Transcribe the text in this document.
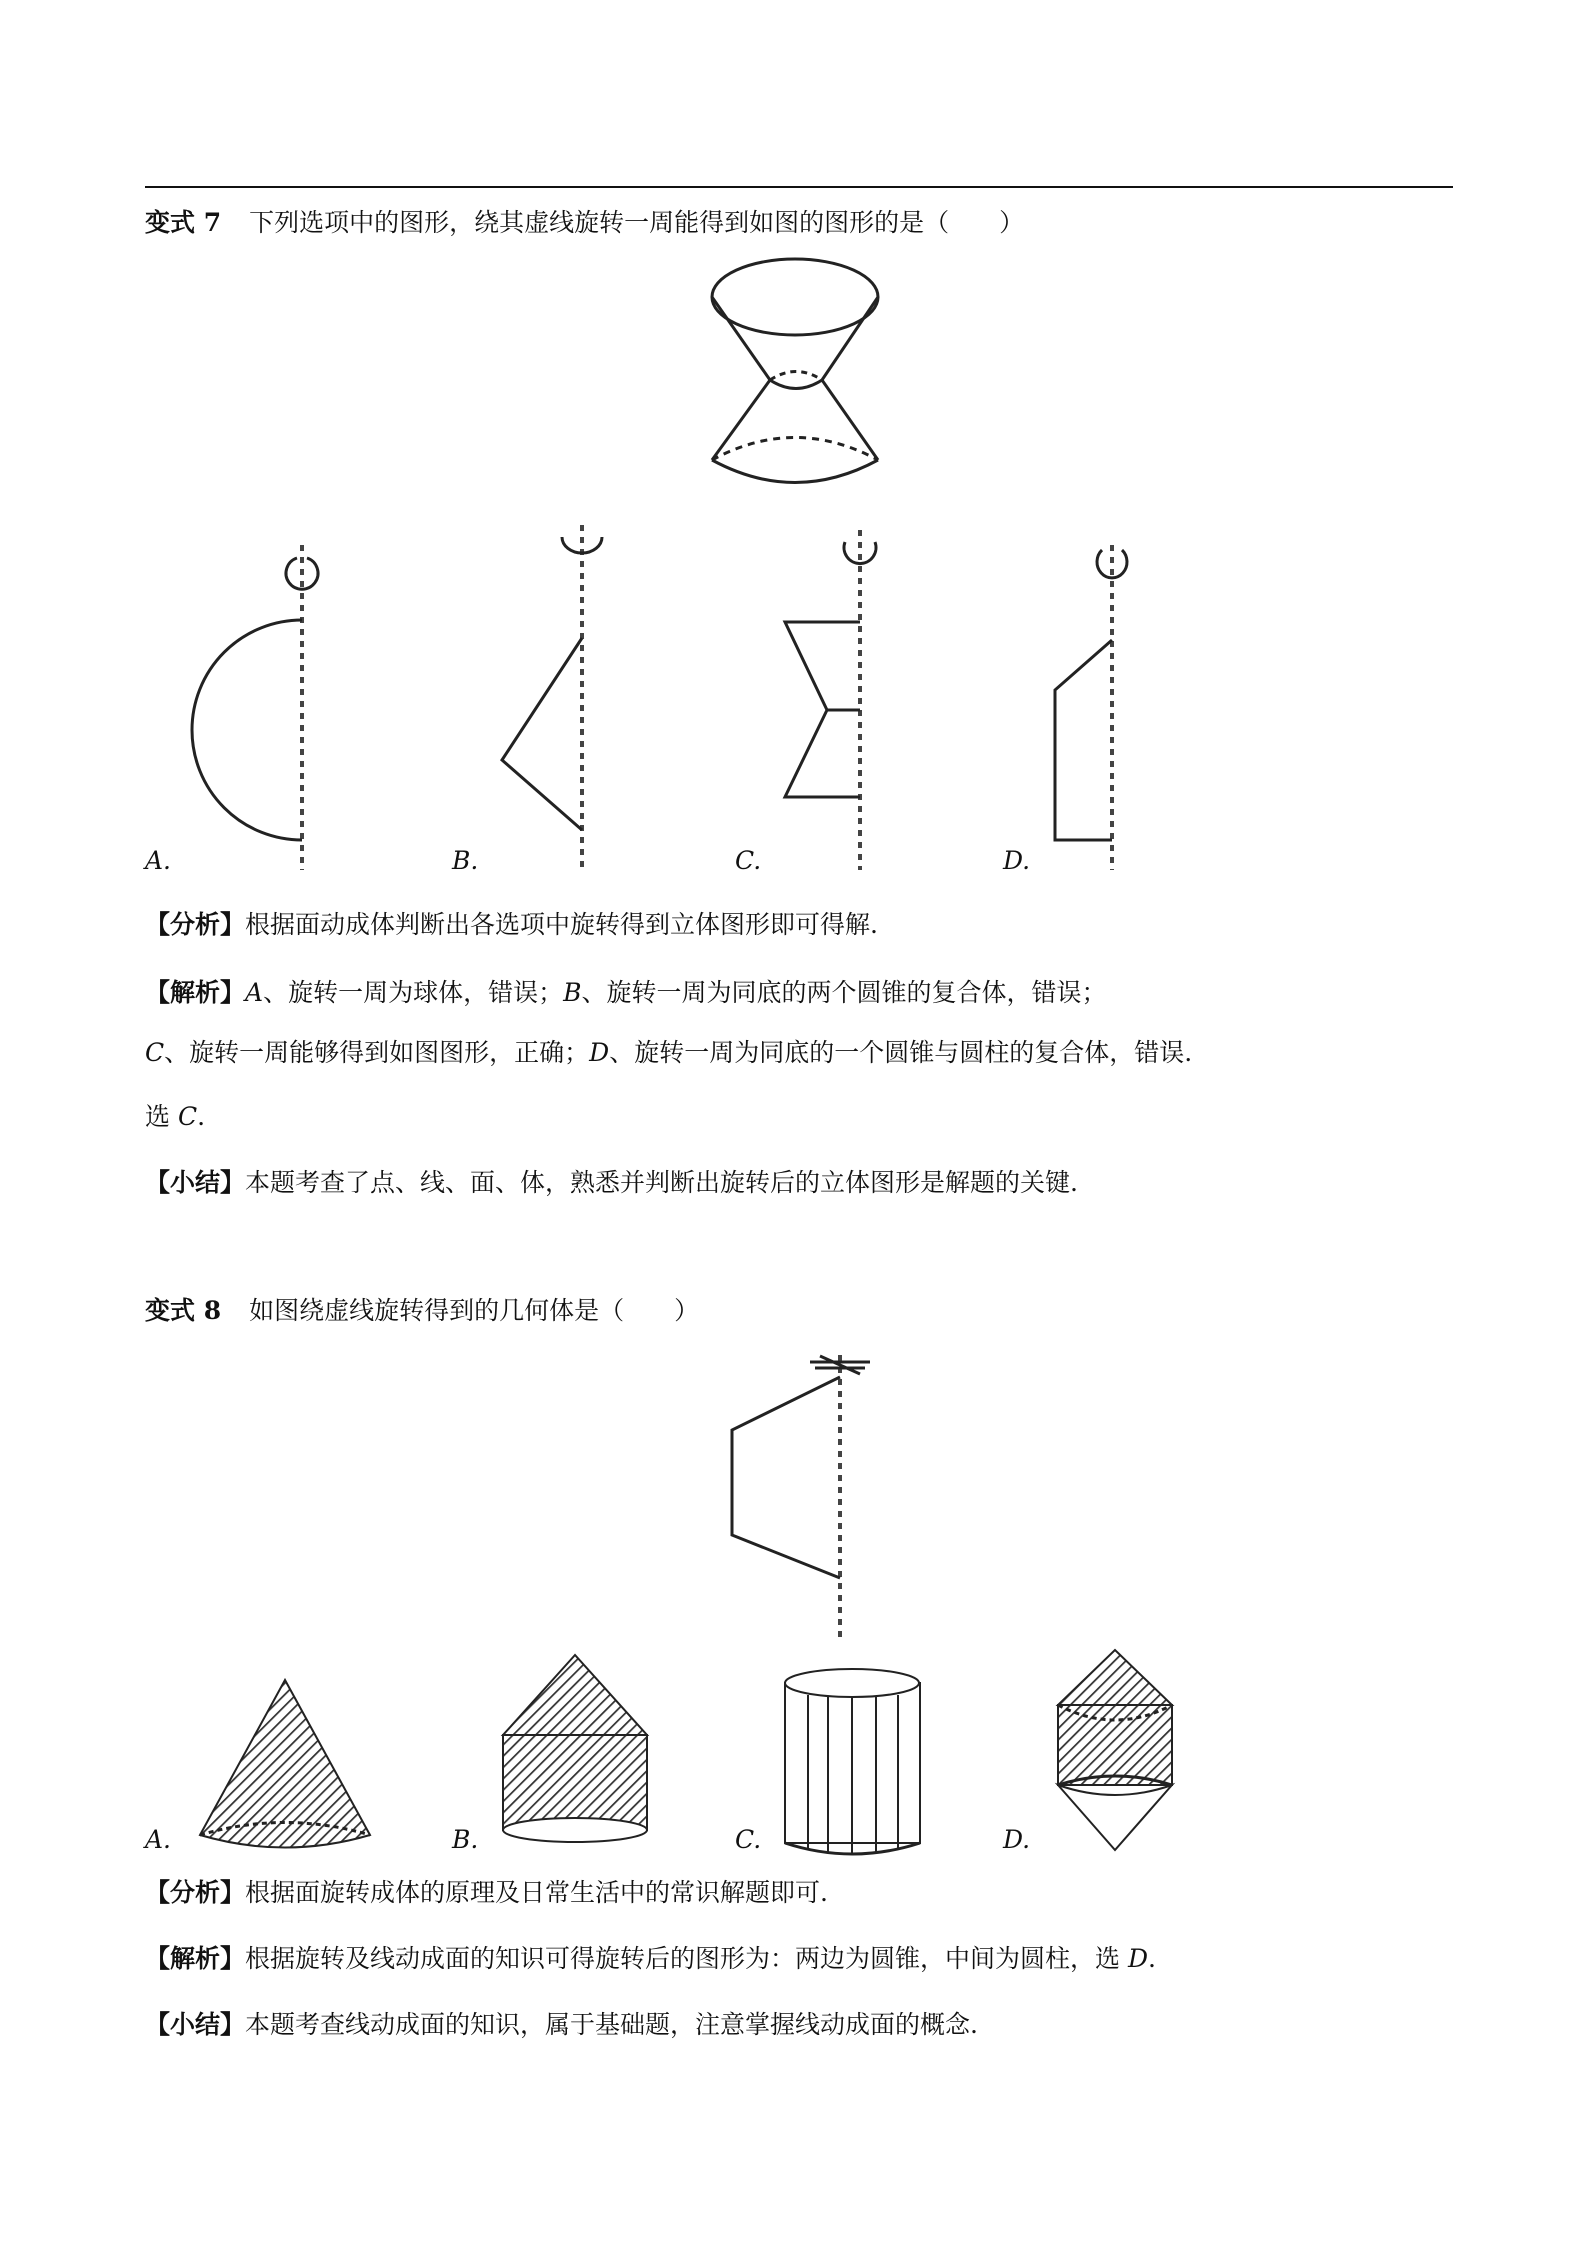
变式 7 下列选项中的图形，绕其虚线旋转一周能得到如图的图形的是（　　）
A.	B.	C.	D.
【分析】根据面动成体判断出各选项中旋转得到立体图形即可得解.
【解析】A、旋转一周为球体，错误；B、旋转一周为同底的两个圆锥的复合体，错误；
C、旋转一周能够得到如图图形，正确；D、旋转一周为同底的一个圆锥与圆柱的复合体，错误.
选 C.
【小结】本题考查了点、线、面、体，熟悉并判断出旋转后的立体图形是解题的关键.
变式 8 如图绕虚线旋转得到的几何体是（　　）
A.	B.	C.	D.
【分析】根据面旋转成体的原理及日常生活中的常识解题即可.
【解析】根据旋转及线动成面的知识可得旋转后的图形为：两边为圆锥，中间为圆柱，选 D.
【小结】本题考查线动成面的知识，属于基础题，注意掌握线动成面的概念.
